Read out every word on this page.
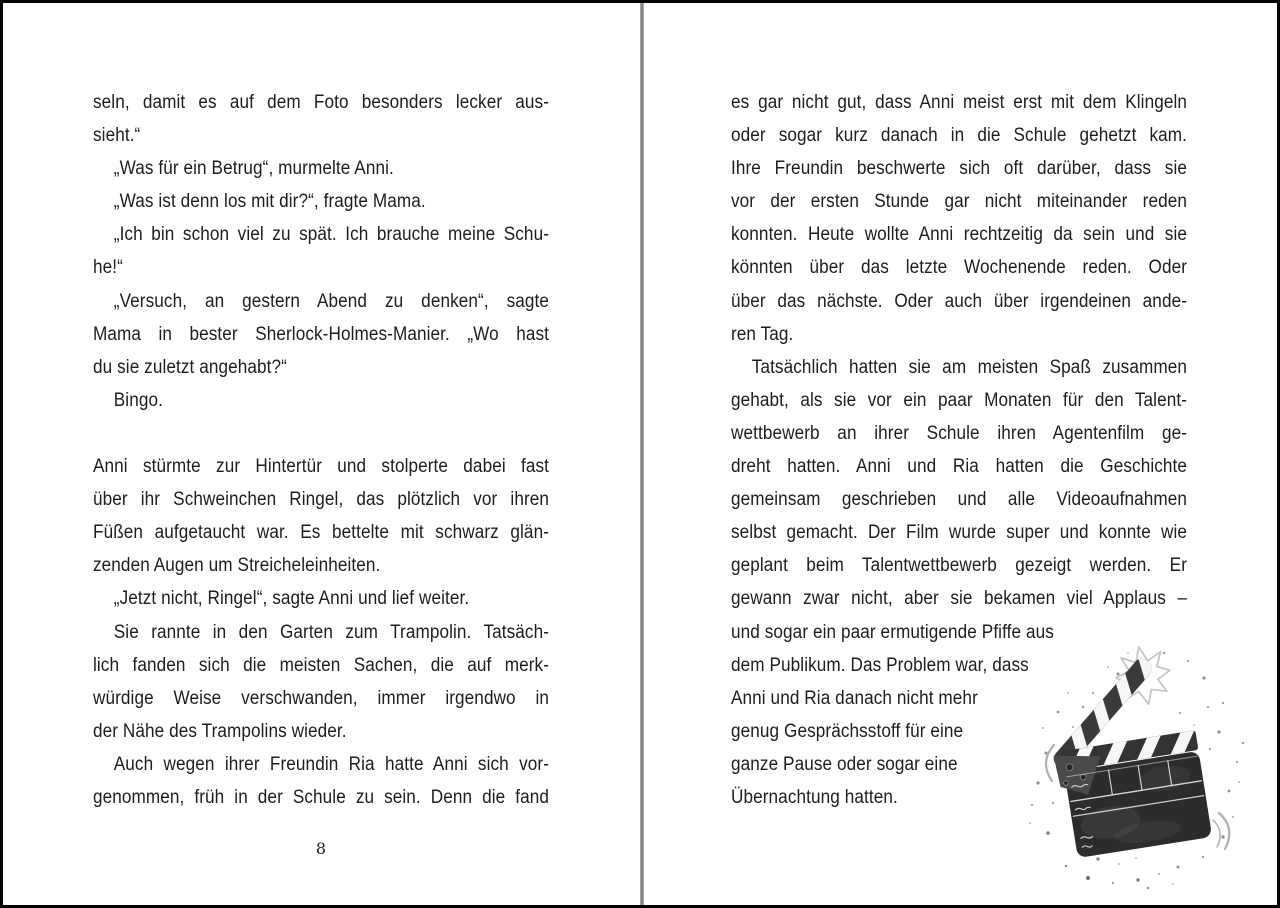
seln, damit es auf dem Foto besonders lecker aus-
sieht.“
„Was für ein Betrug“, murmelte Anni.
„Was ist denn los mit dir?“, fragte Mama.
„Ich bin schon viel zu spät. Ich brauche meine Schu-
he!“
„Versuch, an gestern Abend zu denken“, sagte
Mama in bester Sherlock-Holmes-Manier. „Wo hast
du sie zuletzt angehabt?“
Bingo.

Anni stürmte zur Hintertür und stolperte dabei fast
über ihr Schweinchen Ringel, das plötzlich vor ihren
Füßen aufgetaucht war. Es bettelte mit schwarz glän-
zenden Augen um Streicheleinheiten.
„Jetzt nicht, Ringel“, sagte Anni und lief weiter.
Sie rannte in den Garten zum Trampolin. Tatsäch-
lich fanden sich die meisten Sachen, die auf merk-
würdige Weise verschwanden, immer irgendwo in
der Nähe des Trampolins wieder.
Auch wegen ihrer Freundin Ria hatte Anni sich vor-
genommen, früh in der Schule zu sein. Denn die fand
8
es gar nicht gut, dass Anni meist erst mit dem Klingeln
oder sogar kurz danach in die Schule gehetzt kam.
Ihre Freundin beschwerte sich oft darüber, dass sie
vor der ersten Stunde gar nicht miteinander reden
konnten. Heute wollte Anni rechtzeitig da sein und sie
könnten über das letzte Wochenende reden. Oder
über das nächste. Oder auch über irgendeinen ande-
ren Tag.
Tatsächlich hatten sie am meisten Spaß zusammen
gehabt, als sie vor ein paar Monaten für den Talent-
wettbewerb an ihrer Schule ihren Agentenfilm ge-
dreht hatten. Anni und Ria hatten die Geschichte
gemeinsam geschrieben und alle Videoaufnahmen
selbst gemacht. Der Film wurde super und konnte wie
geplant beim Talentwettbewerb gezeigt werden. Er
gewann zwar nicht, aber sie bekamen viel Applaus –
und sogar ein paar ermutigende Pfiffe aus
dem Publikum. Das Problem war, dass
Anni und Ria danach nicht mehr
genug Gesprächsstoff für eine
ganze Pause oder sogar eine
Übernachtung hatten.
